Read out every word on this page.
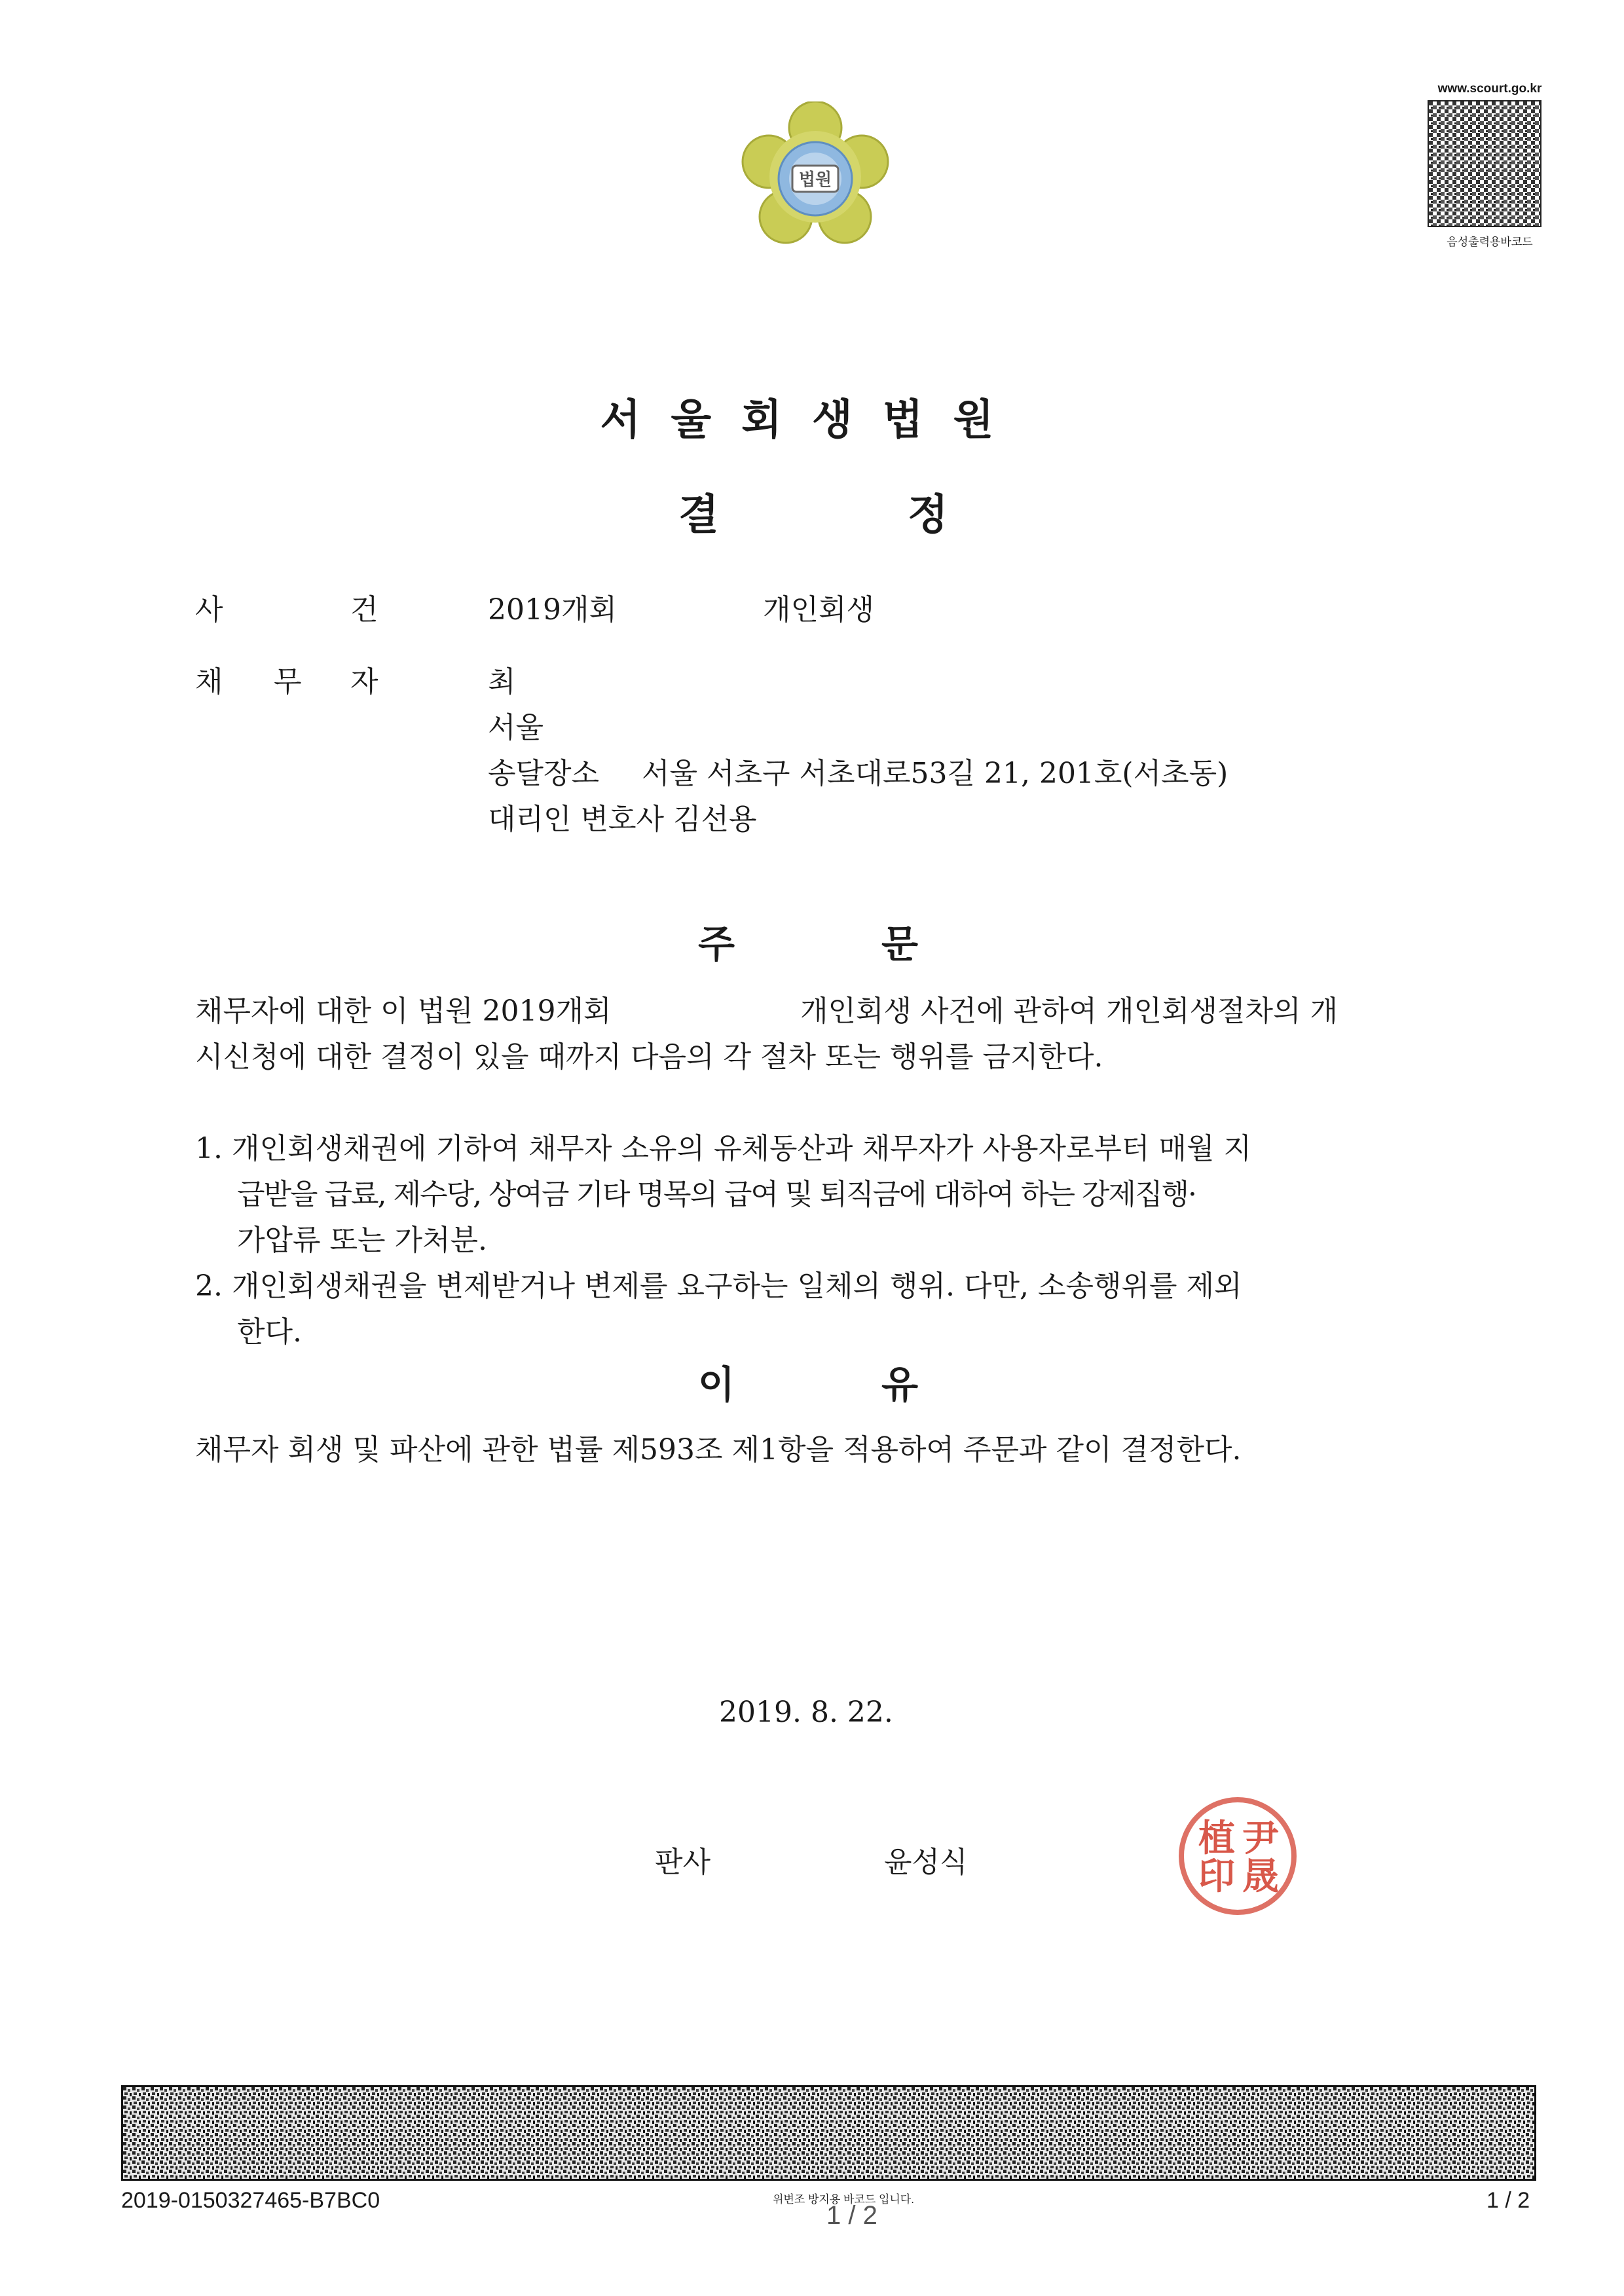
법원
www.scourt.go.kr
음성출력용바코드
서울회생법원
결	정
사	건	2019개회	개인회생
채 무 자	최
서울
송달장소 서울 서초구 서초대로53길 21, 201호(서초동)
대리인 변호사 김선용
주	문
채무자에 대한 이 법원 2019개회	개인회생 사건에 관하여 개인회생절차의 개
시신청에 대한 결정이 있을 때까지 다음의 각 절차 또는 행위를 금지한다.
1. 개인회생채권에 기하여 채무자 소유의 유체동산과 채무자가 사용자로부터 매월 지
급받을 급료, 제수당, 상여금 기타 명목의 급여 및 퇴직금에 대하여 하는 강제집행·
가압류 또는 가처분.
2. 개인회생채권을 변제받거나 변제를 요구하는 일체의 행위. 다만, 소송행위를 제외
한다.
이	유
채무자 회생 및 파산에 관한 법률 제593조 제1항을 적용하여 주문과 같이 결정한다.
2019. 8. 22.
판사	윤성식
尹
晟
植
印
2019-0150327465-B7BC0	위변조 방지용 바코드 입니다.
1 / 2
1 / 2
